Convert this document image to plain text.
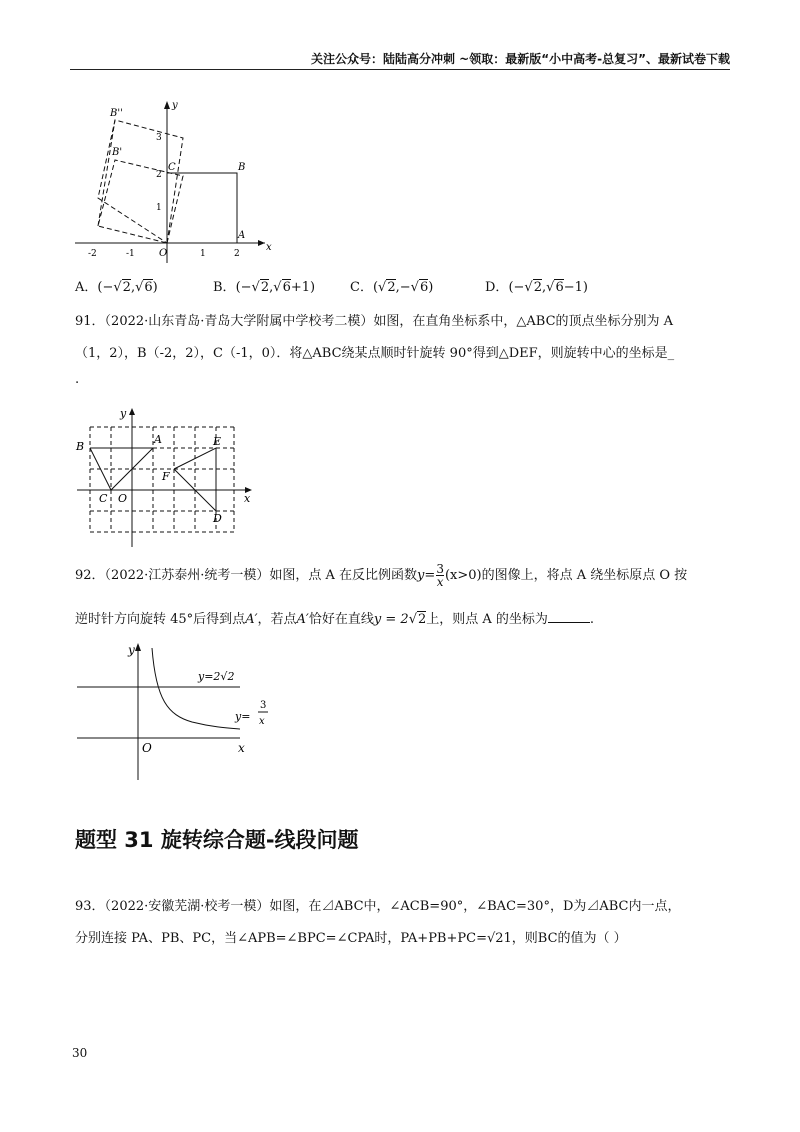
关注公众号：陆陆高分冲刺 ~领取：最新版“小中高考-总复习”、最新试卷下载
y
x
O
A
B
C
B'
B''
1
2
3
1	2
-1
-2
A．(−√2,√6)	B．(−√2,√6+1)	C．(√2,−√6)	D．(−√2,√6−1)
91．（2022·山东青岛·青岛大学附属中学校考二模）如图，在直角坐标系中，△ABC的顶点坐标分别为 A
（1，2），B（-2，2），C（-1，0）．将△ABC绕某点顺时针旋转 90°得到△DEF，则旋转中心的坐标是_
.
y
x
A
B
C O
E
F
D
92．（2022·江苏泰州·统考一模）如图，点 A 在反比例函数$y= \frac{3}{x} (x>0)$的图像上，将点 A 绕坐标原点 O 按
逆时针方向旋转 45°后得到点A′，若点A′恰好在直线y = 2√2上，则点 A 的坐标为	.
y
x
O
y=2√2
y=
3
x
题型 31 旋转综合题-线段问题
93．（2022·安徽芜湖·校考一模）如图，在⊿ABC中，∠ACB=90°，∠BAC=30°，D为⊿ABC内一点，
分别连接 PA、PB、PC，当∠APB=∠BPC=∠CPA时，PA+PB+PC=√21，则BC的值为（ ）
30
